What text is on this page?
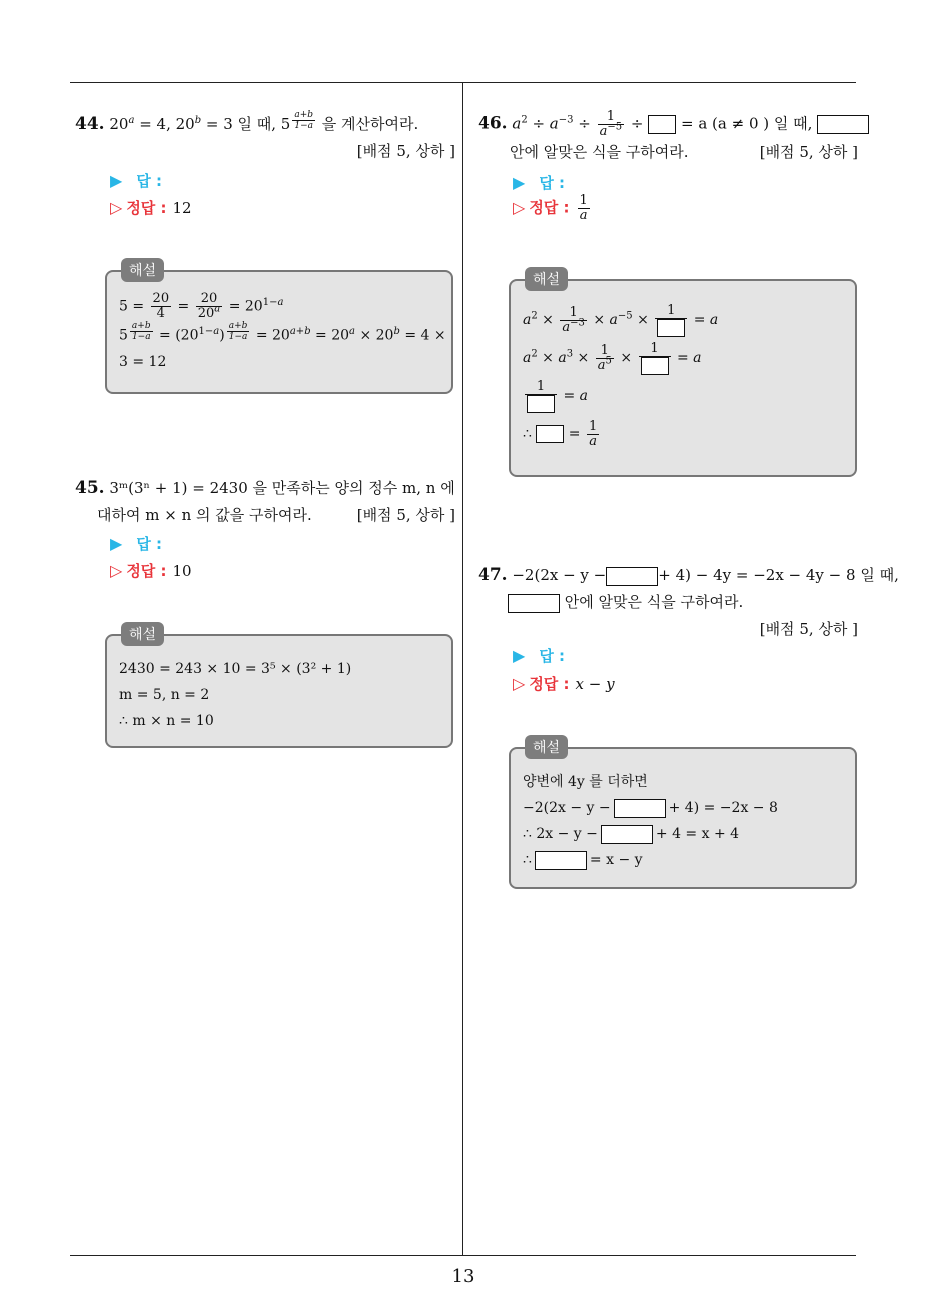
13
44. $20^a = 4$, $20^b = 3$ 일 때, 5 $^{\frac{a+b}{1-a}}$ 을 계산하여라.
[배점 5, 상하 ]
▶ 답 :
▷ 정답 : 12
해설
$5 = \frac{20}{4} = \frac{20}{20^a} = 20^{1-a}$
5 $^{\frac{a+b}{1-a}} = (20^{1-a}) ^{\frac{a+b}{1-a}} = 20^{a+b} = 20^a \times 20^b = 4$ ×
3 = 12
45. 3ᵐ(3ⁿ + 1) = 2430 을 만족하는 양의 정수 m, n 에
대하여 m × n 의 값을 구하여라.	[배점 5, 상하 ]
▶ 답 :
▷ 정답 : 10
해설
2430 = 243 × 10 = 3⁵ × (3² + 1)
m = 5, n = 2
∴ m × n = 10
46. $a^2 \div a^{-3} \div \frac{1}{a^{-5}}$ ÷  = a (a ≠ 0 ) 일 때,
안에 알맞은 식을 구하여라.	[배점 5, 상하 ]
▶ 답 :
▷ 정답 : $\frac{1}{a}$
해설
$a^2 \times \frac{1}{a^{-3}} \times a^{-5}$ ×
1
= a
$a^2 \times a^3 \times \frac{1}{a^5}$ ×
1
= a
1
= a
∴  = $\frac{1}{a}$
47. −2(2x − y −	+ 4) − 4y = −2x − 4y − 8 일 때,
안에 알맞은 식을 구하여라.
[배점 5, 상하 ]
▶ 답 :
▷ 정답 : x − y
해설
양변에 4y 를 더하면
−2(2x − y −	+ 4) = −2x − 8
∴ 2x − y −	+ 4 = x + 4
∴	= x − y
